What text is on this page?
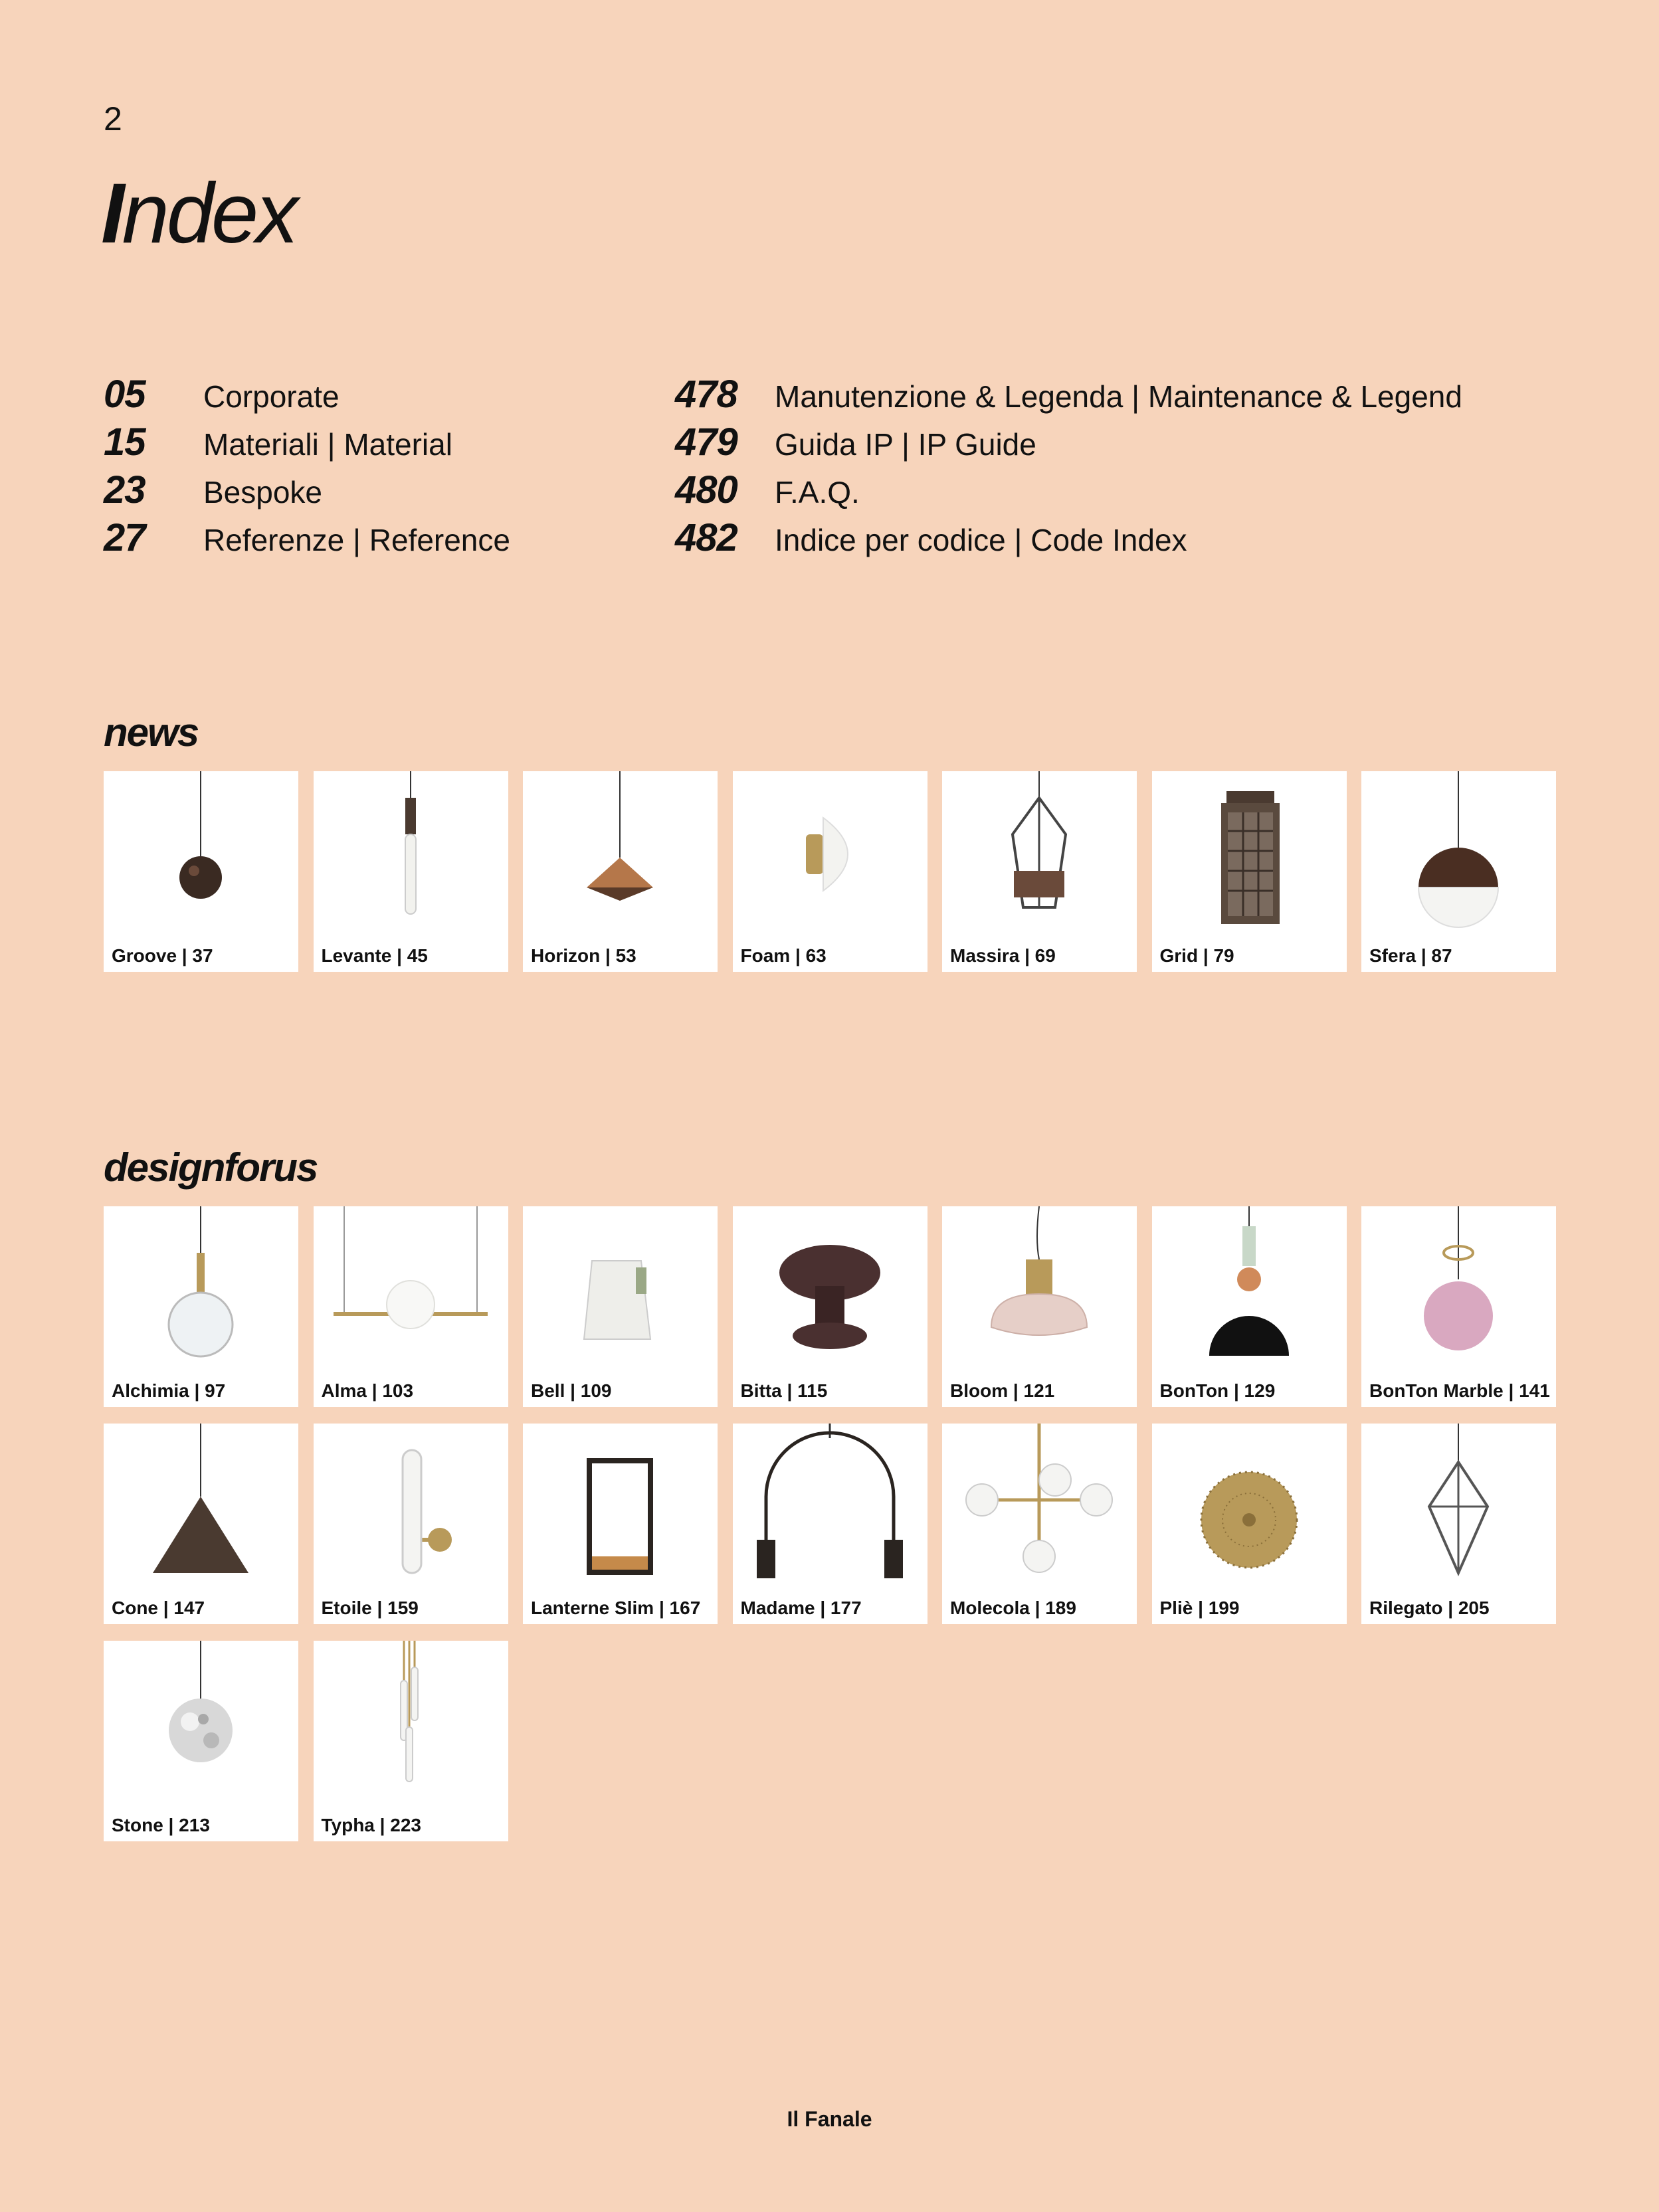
2
Index
05	Corporate
15	Materiali | Material
23	Bespoke
27	Referenze | Reference
478	Manutenzione & Legenda | Maintenance & Legend
479	Guida IP | IP Guide
480	F.A.Q.
482	Indice per codice | Code Index
news
Groove | 37	Levante | 45	Horizon | 53	Foam | 63	Massira | 69	Grid | 79	Sfera | 87
designforus
Alchimia | 97	Alma | 103	Bell | 109	Bitta | 115	Bloom | 121	BonTon | 129	BonTon Marble | 141
Cone | 147	Etoile | 159	Lanterne Slim | 167 Madame | 177	Molecola | 189	Pliè | 199	Rilegato | 205
Stone | 213	Typha | 223
Il Fanale
